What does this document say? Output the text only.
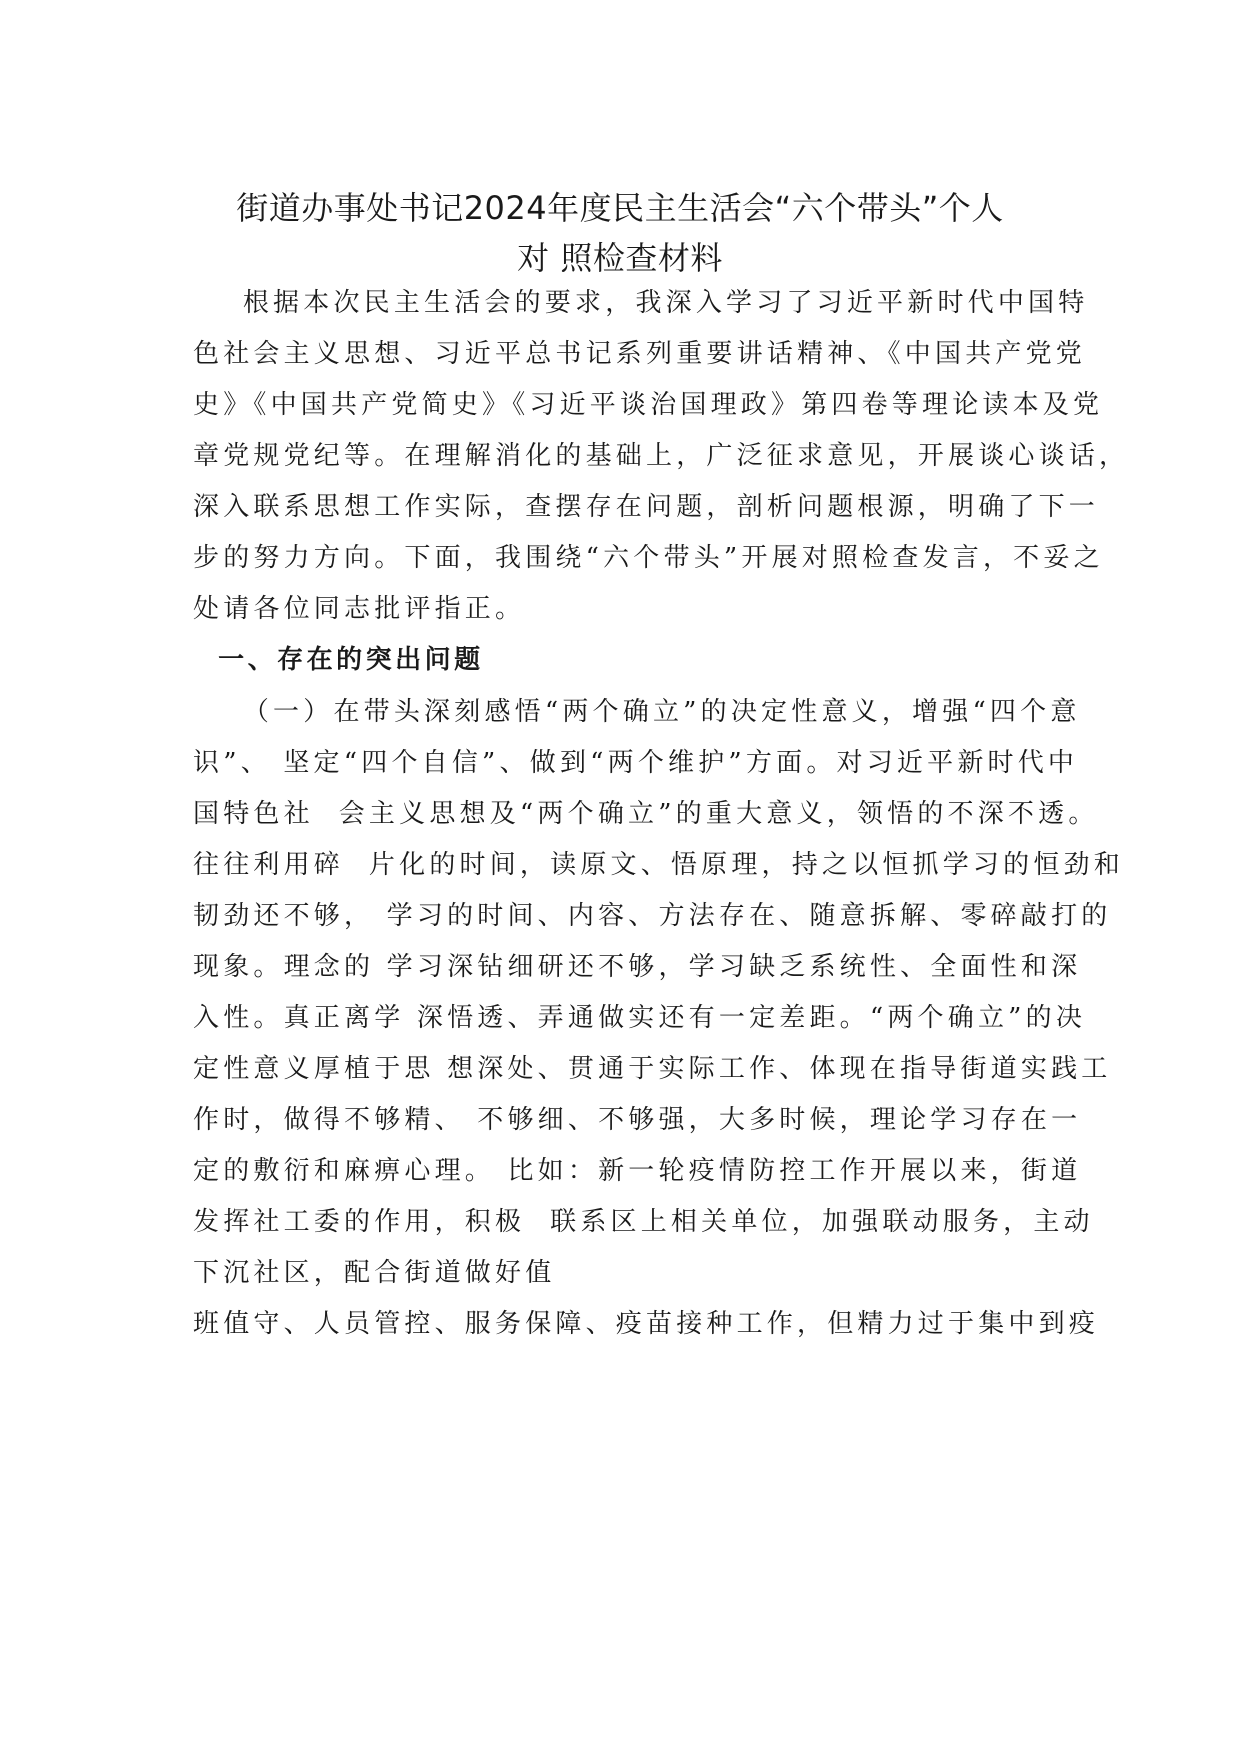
街道办事处书记2024年度民主生活会“六个带头”个人
对 照检查材料
根据本次民主生活会的要求，我深入学习了习近平新时代中国特
色社会主义思想、习近平总书记系列重要讲话精神、《中国共产党党
史》《中国共产党简史》《习近平谈治国理政》第四卷等理论读本及党
章党规党纪等。在理解消化的基础上，广泛征求意见，开展谈心谈话，
深入联系思想工作实际，查摆存在问题，剖析问题根源，明确了下一
步的努力方向。下面，我围绕“六个带头”开展对照检查发言，不妥之
处请各位同志批评指正。
一、存在的突出问题
（一）在带头深刻感悟“两个确立”的决定性意义，增强“四个意
识”、 坚定“四个自信”、做到“两个维护”方面。对习近平新时代中
国特色社  会主义思想及“两个确立”的重大意义，领悟的不深不透。
往往利用碎  片化的时间，读原文、悟原理，持之以恒抓学习的恒劲和
韧劲还不够， 学习的时间、内容、方法存在、随意拆解、零碎敲打的
现象。理念的 学习深钻细研还不够，学习缺乏系统性、全面性和深
入性。真正离学 深悟透、弄通做实还有一定差距。“两个确立”的决
定性意义厚植于思 想深处、贯通于实际工作、体现在指导街道实践工
作时，做得不够精、 不够细、不够强，大多时候，理论学习存在一
定的敷衍和麻痹心理。 比如：新一轮疫情防控工作开展以来，街道
发挥社工委的作用，积极  联系区上相关单位，加强联动服务，主动
下沉社区，配合街道做好值
班值守、人员管控、服务保障、疫苗接种工作，但精力过于集中到疫
